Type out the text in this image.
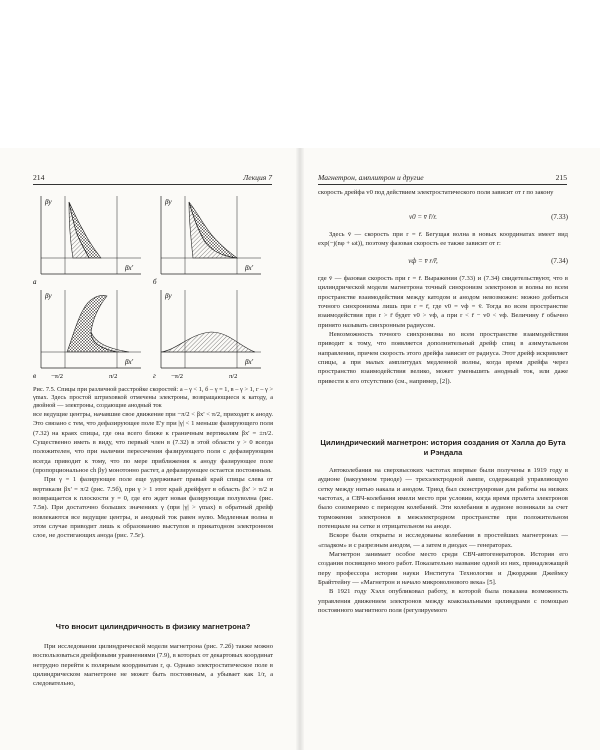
214	Лекция 7
βy
βx'
а
βy
βx'
б
βy
βx'
в −π/2	π/2
βy
βx'
г −π/2	π/2
Рис. 7.5. Спицы при различной расстройке скоростей: а – γ < 1, б – γ = 1, в – γ > 1, г – γ > γmax. Здесь простой штриховкой отмечены электроны, возвращающиеся к катоду, а двойной — электроны, создающие анодный ток

все ведущие центры, начавшие свое движение при −π/2 < βx' < π/2, приходят к аноду. Это связано с тем, что дефазирующее поле E'y при |γ| < 1 меньше фазирующего поля (7.32) на краях спицы, где она всего ближе к граничным вертикалям βx' = ±π/2. Существенно иметь в виду, что первый член в (7.32) в этой области y > 0 всегда положителен, что при наличии пересечения фазирующего поля с дефазирующим всегда приводит к тому, что по мере приближения к аноду фазирующее поле (пропорциональное ch βy) монотонно растет, а дефазирующее остается постоянным.

При γ = 1 фазирующее поле еще удерживает правый край спицы слева от вертикали βx' = π/2 (рис. 7.5б), при γ > 1 этот край дрейфует в область βx' > π/2 и возвращается к плоскости y = 0, где его ждет новая фазирующая полуволна (рис. 7.5в). При достаточно больших значениях γ (при |γ| > γmax) в обратный дрейф вовлекаются все ведущие центры, и анодный ток равен нулю. Медленная волна в этом случае приводит лишь к образованию выступов в прикатодном электронном слое, не достигающих анода (рис. 7.5г).

Что вносит цилиндричность в физику магнетрона?

При исследовании цилиндрической модели магнетрона (рис. 7.2б) также можно воспользоваться дрейфовыми уравнениями (7.9), в которых от декартовых координат нетрудно перейти к полярным координатам r, φ. Однако электростатическое поле в цилиндрическом магнетроне не может быть постоянным, а убывает как 1/r, а следовательно,

Магнетрон, амплитрон и другие	215

скорость дрейфа v0 под действием электростатического поля зависит от r по закону

v0 = v̄ r̄/r.	(7.33)

Здесь v̄ — скорость при r = r̄. Бегущая волна в новых координатах имеет вид exp(−j(nφ + ωt)), поэтому фазовая скорость ее также зависит от r:

vф = v̄ r/r̄,	(7.34)

где v̄ — фазовая скорость при r = r̄. Выражения (7.33) и (7.34) свидетельствуют, что в цилиндрической модели магнетрона точный синхронизм электронов и волны во всем пространстве взаимодействия между катодом и анодом невозможен: можно добиться точного синхронизма лишь при r = r̄, где v0 = vф = v̄. Тогда во всем пространстве взаимодействия при r > r̄ будет v0 > vф, а при r < r̄ − v0 < vф. Величину r̄ обычно принято называть синхронным радиусом.

Невозможность точного синхронизма во всем пространстве взаимодействия приводит к тому, что появляется дополнительный дрейф спиц в азимутальном направлении, причем скорость этого дрейфа зависит от радиуса. Этот дрейф искривляет спицы, а при малых амплитудах медленной волны, когда время дрейфа через пространство взаимодействия велико, может уменьшить анодный ток, или даже привести к его отсутствию (см., например, [2]).

Цилиндрический магнетрон: история создания от Хэлла до Бута и Рэндала

Автоколебания на сверхвысоких частотах впервые были получены в 1919 году в аудионе (вакуумном триоде) — трехэлектродной лампе, содержащей управляющую сетку между нитью накала и анодом. Триод был сконструирован для работы на низких частотах, а СВЧ-колебания имели место при условии, когда время пролета электронов было соизмеримо с периодом колебаний. Эти колебания в аудионе возникали за счет торможения электронов в межэлектродном пространстве при положительном потенциале на сетке и отрицательном на аноде.

Вскоре были открыты и исследованы колебания в простейших магнетронах — «гладком» и с разрезным анодом, — а затем в диодах — генераторах.

Магнетрон занимает особое место среди СВЧ-автогенераторов. История его создания посвящено много работ. Показательно название одной из них, принадлежащей перу профессора истории науки Института Технологии и Джорджия Джеймсу Брайттейну — «Магнетрон и начало микроволнового века» [5].

В 1921 году Хэлл опубликовал работу, в которой была показана возможность управления движением электронов между коаксиальными цилиндрами с помощью постоянного магнитного поля (регулируемого
